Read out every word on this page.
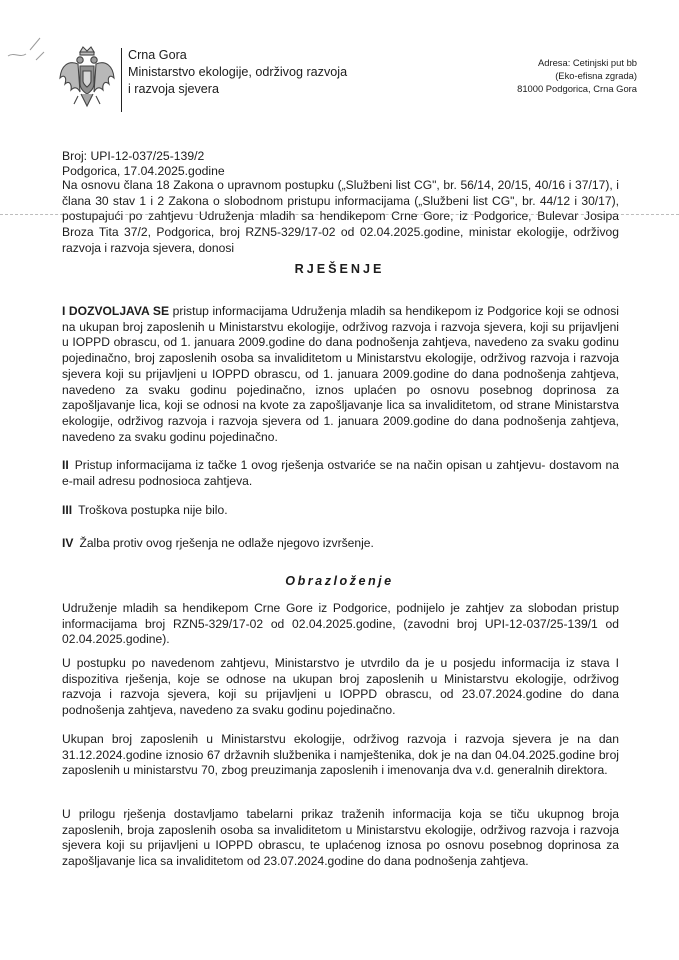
Crna Gora
Ministarstvo ekologije, održivog razvoja
i razvoja sjevera
Adresa: Cetinjski put bb
(Eko-efisna zgrada)
81000 Podgorica, Crna Gora
Broj: UPI-12-037/25-139/2
Podgorica, 17.04.2025.godine

Na osnovu člana 18 Zakona o upravnom postupku („Službeni list CG", br. 56/14, 20/15, 40/16 i 37/17), i člana 30 stav 1 i 2 Zakona o slobodnom pristupu informacijama („Službeni list CG", br. 44/12 i 30/17), postupajući po zahtjevu Udruženja mladih sa hendikepom Crne Gore, iz Podgorice, Bulevar Josipa Broza Tita 37/2, Podgorica, broj RZN5-329/17-02 od 02.04.2025.godine, ministar ekologije, održivog razvoja i razvoja sjevera, donosi

RJEŠENJE

I DOZVOLJAVA SE pristup informacijama Udruženja mladih sa hendikepom iz Podgorice koji se odnosi na ukupan broj zaposlenih u Ministarstvu ekologije, održivog razvoja i razvoja sjevera, koji su prijavljeni u IOPPD obrascu, od 1. januara 2009.godine do dana podnošenja zahtjeva, navedeno za svaku godinu pojedinačno, broj zaposlenih osoba sa invaliditetom u Ministarstvu ekologije, održivog razvoja i razvoja sjevera koji su prijavljeni u IOPPD obrascu, od 1. januara 2009.godine do dana podnošenja zahtjeva, navedeno za svaku godinu pojedinačno, iznos uplaćen po osnovu posebnog doprinosa za zapošljavanje lica, koji se odnosi na kvote za zapošljavanje lica sa invaliditetom, od strane Ministarstva ekologije, održivog razvoja i razvoja sjevera od 1. januara 2009.godine do dana podnošenja zahtjeva, navedeno za svaku godinu pojedinačno.

II Pristup informacijama iz tačke 1 ovog rješenja ostvariće se na način opisan u zahtjevu- dostavom na e-mail adresu podnosioca zahtjeva.

III Troškova postupka nije bilo.

IV Žalba protiv ovog rješenja ne odlaže njegovo izvršenje.

Obrazloženje

Udruženje mladih sa hendikepom Crne Gore iz Podgorice, podnijelo je zahtjev za slobodan pristup informacijama broj RZN5-329/17-02 od 02.04.2025.godine, (zavodni broj UPI-12-037/25-139/1 od 02.04.2025.godine).

U postupku po navedenom zahtjevu, Ministarstvo je utvrdilo da je u posjedu informacija iz stava I dispozitiva rješenja, koje se odnose na ukupan broj zaposlenih u Ministarstvu ekologije, održivog razvoja i razvoja sjevera, koji su prijavljeni u IOPPD obrascu, od 23.07.2024.godine do dana podnošenja zahtjeva, navedeno za svaku godinu pojedinačno.

Ukupan broj zaposlenih u Ministarstvu ekologije, održivog razvoja i razvoja sjevera je na dan 31.12.2024.godine iznosio 67 državnih službenika i namještenika, dok je na dan 04.04.2025.godine broj zaposlenih u ministarstvu 70, zbog preuzimanja zaposlenih i imenovanja dva v.d. generalnih direktora.

U prilogu rješenja dostavljamo tabelarni prikaz traženih informacija koja se tiču ukupnog broja zaposlenih, broja zaposlenih osoba sa invaliditetom u Ministarstvu ekologije, održivog razvoja i razvoja sjevera koji su prijavljeni u IOPPD obrascu, te uplaćenog iznosa po osnovu posebnog doprinosa za zapošljavanje lica sa invaliditetom od 23.07.2024.godine do dana podnošenja zahtjeva.
